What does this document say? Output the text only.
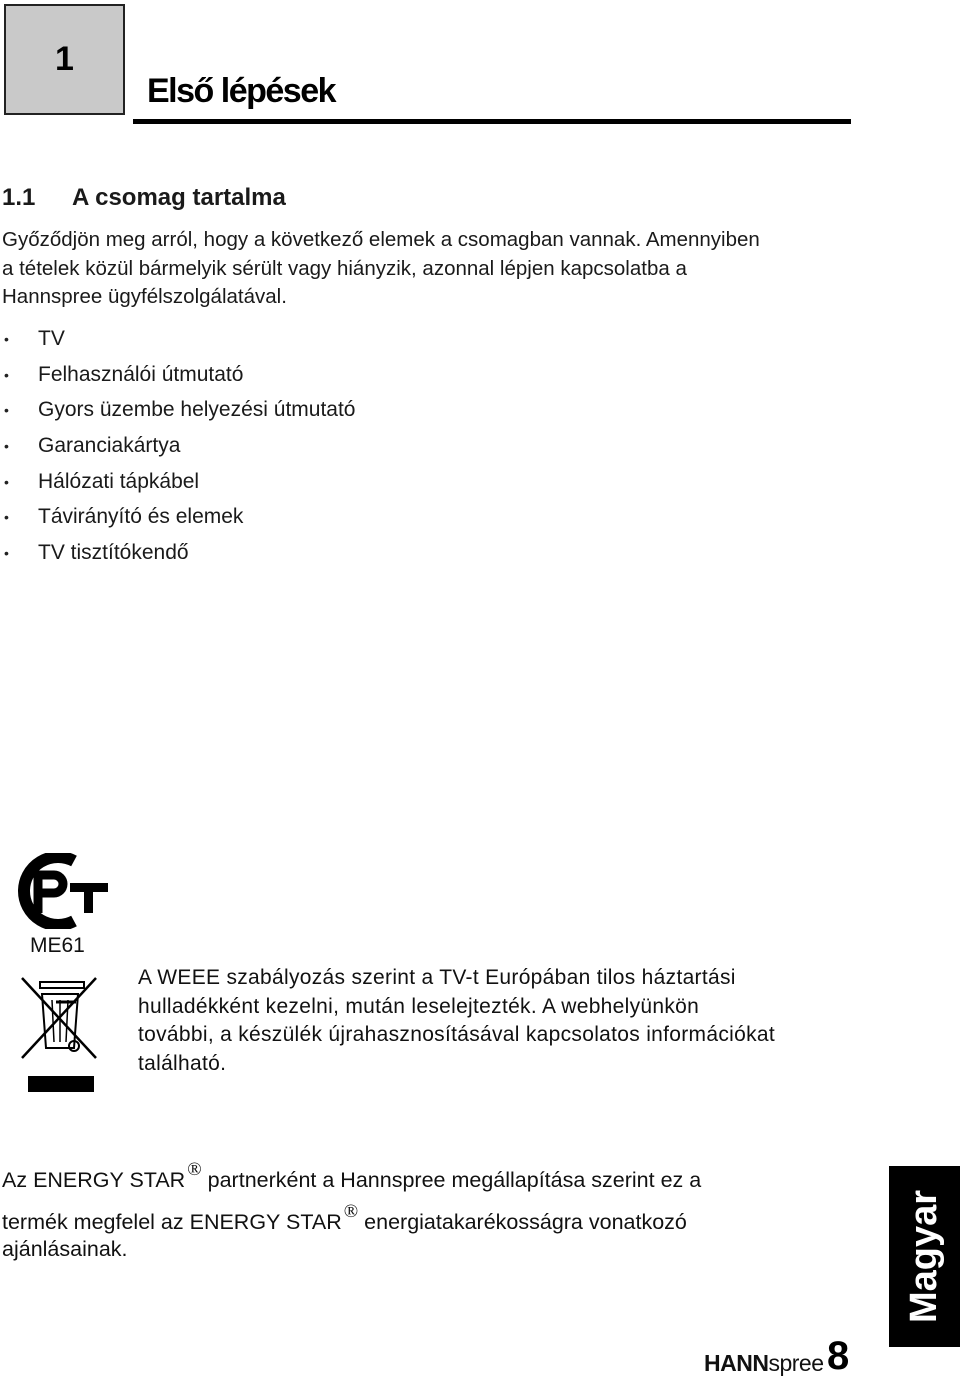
1
Első lépések
1.1 A csomag tartalma

Győződjön meg arról, hogy a következő elemek a csomagban vannak. Amennyiben

a tételek közül bármelyik sérült vagy hiányzik, azonnal lépjen kapcsolatba a

Hannspree ügyfélszolgálatával.

• TV
• Felhasználói útmutató
• Gyors üzembe helyezési útmutató
• Garanciakártya
• Hálózati tápkábel
• Távirányító és elemek
• TV tisztítókendő
ME61

A WEEE szabályozás szerint a TV-t Európában tilos háztartási

hulladékként kezelni, mután leselejtezték. A webhelyünkön

további, a készülék újrahasznosításával kapcsolatos információkat

található.

Az ENERGY STAR ® partnerként a Hannspree megállapítása szerint ez a
termék megfelel az ENERGY STAR ® energiatakarékosságra vonatkozó
ajánlásainak.	Magyar
HANNspree 8
